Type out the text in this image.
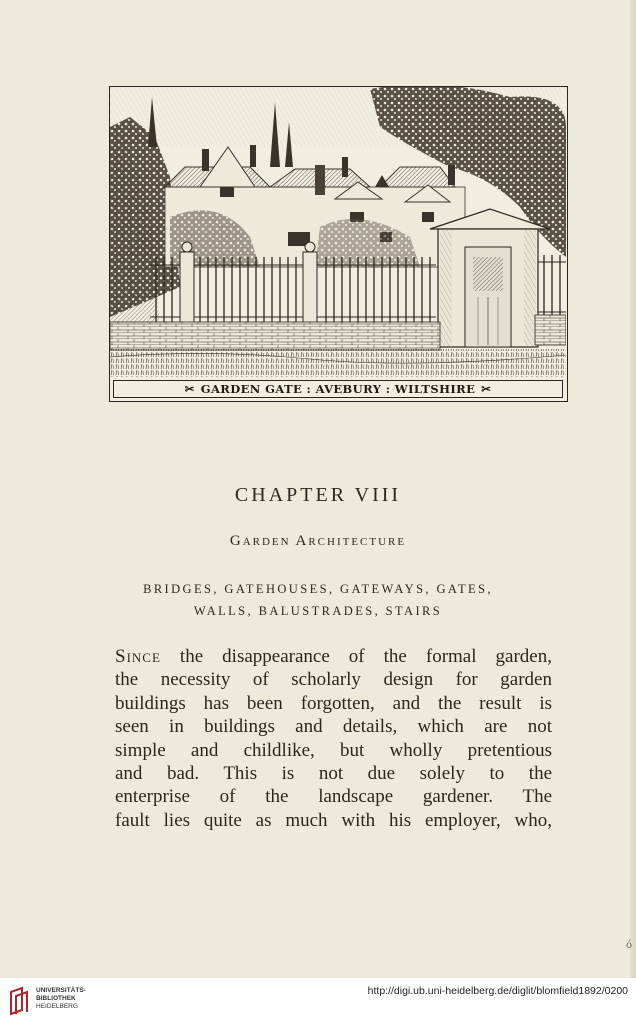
✂ GARDEN GATE : AVEBURY : WILTSHIRE ✂
CHAPTER VIII
Garden Architecture
BRIDGES, GATEHOUSES, GATEWAYS, GATES,
WALLS, BALUSTRADES, STAIRS
Since the disappearance of the formal garden,
the necessity of scholarly design for garden
buildings has been forgotten, and the result is
seen in buildings and details, which are not
simple and childlike, but wholly pretentious
and bad. This is not due solely to the
enterprise of the landscape gardener. The
fault lies quite as much with his employer, who,
ó
UNIVERSITÄTS-
BIBLIOTHEK
HEIDELBERG
http://digi.ub.uni-heidelberg.de/diglit/blomfield1892/0200
